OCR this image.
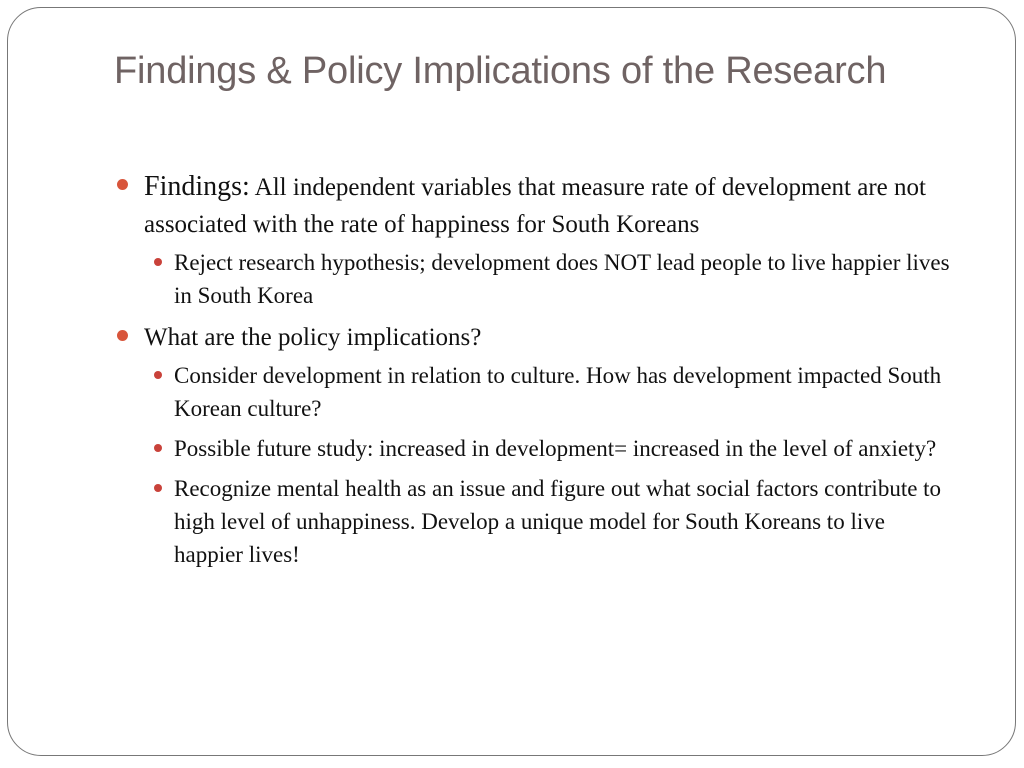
Findings & Policy Implications of the Research
Findings: All independent variables that measure rate of development are not associated with the rate of happiness for South Koreans
Reject research hypothesis; development does NOT lead people to live happier lives in South Korea
What are the policy implications?
Consider development in relation to culture. How has development impacted South Korean culture?
Possible future study: increased in development= increased in the level of anxiety?
Recognize mental health as an issue and figure out what social factors contribute to high level of unhappiness. Develop a unique model for South Koreans to live happier lives!
